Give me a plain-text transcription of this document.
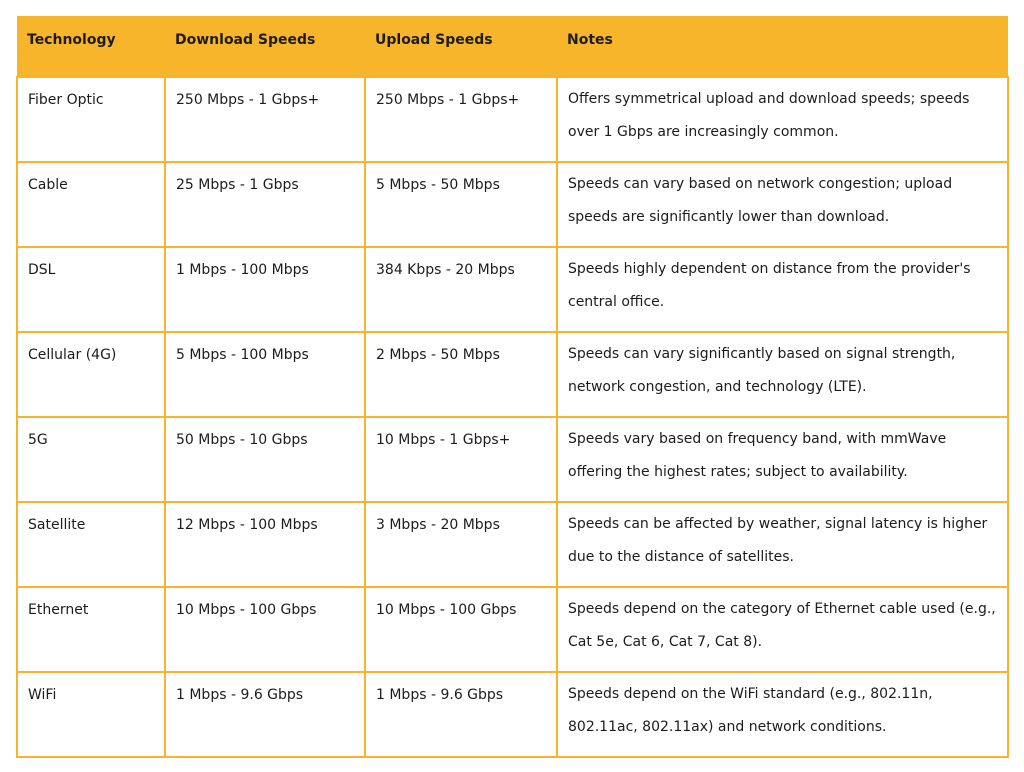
Technology	Download Speeds	Upload Speeds	Notes
Fiber Optic	250 Mbps - 1 Gbps+	250 Mbps - 1 Gbps+	Offers symmetrical upload and download speeds; speeds over 1 Gbps are increasingly common.
Cable	25 Mbps - 1 Gbps	5 Mbps - 50 Mbps	Speeds can vary based on network congestion; upload speeds are significantly lower than download.
DSL	1 Mbps - 100 Mbps	384 Kbps - 20 Mbps	Speeds highly dependent on distance from the provider's central office.
Cellular (4G)	5 Mbps - 100 Mbps	2 Mbps - 50 Mbps	Speeds can vary significantly based on signal strength, network congestion, and technology (LTE).
5G	50 Mbps - 10 Gbps	10 Mbps - 1 Gbps+	Speeds vary based on frequency band, with mmWave offering the highest rates; subject to availability.
Satellite	12 Mbps - 100 Mbps	3 Mbps - 20 Mbps	Speeds can be affected by weather, signal latency is higher due to the distance of satellites.
Ethernet	10 Mbps - 100 Gbps	10 Mbps - 100 Gbps	Speeds depend on the category of Ethernet cable used (e.g., Cat 5e, Cat 6, Cat 7, Cat 8).
WiFi	1 Mbps - 9.6 Gbps	1 Mbps - 9.6 Gbps	Speeds depend on the WiFi standard (e.g., 802.11n, 802.11ac, 802.11ax) and network conditions.
